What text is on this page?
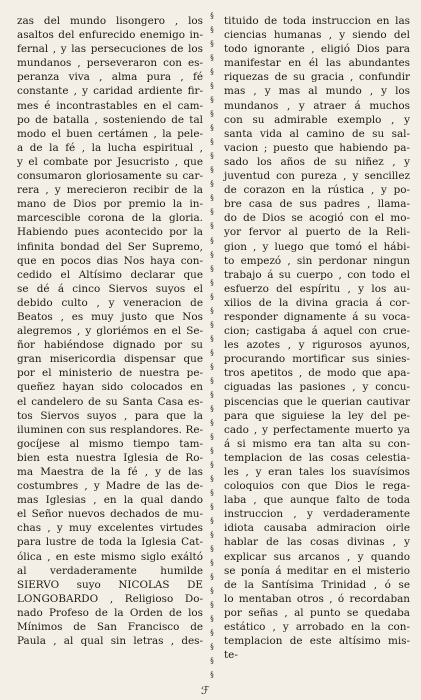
zas del mundo lisongero , los
asaltos del enfurecido enemigo in-
fernal , y las persecuciones de los
mundanos , perseveraron con es-
peranza viva , alma pura , fé
constante , y caridad ardiente fir-
mes é incontrastables en el cam-
po de batalla , sosteniendo de tal
modo el buen certámen , la pele-
a de la fé , la lucha espiritual ,
y el combate por Jesucristo , que
consumaron gloriosamente su car-
rera , y merecieron recibir de la
mano de Dios por premio la in-
marcescible corona de la gloria.
Habiendo pues acontecido por la
infinita bondad del Ser Supremo,
que en pocos dias Nos haya con-
cedido el Altísimo declarar que
se dé á cinco Siervos suyos el
debido culto , y veneracion de
Beatos , es muy justo que Nos
alegremos , y gloriémos en el Se-
ñor habiéndose dignado por su
gran misericordia dispensar que
por el ministerio de nuestra pe-
queñez hayan sido colocados en
el candelero de su Santa Casa es-
tos Siervos suyos , para que la
iluminen con sus resplandores. Re-
gocíjese al mismo tiempo tam-
bien esta nuestra Iglesia de Ro-
ma Maestra de la fé , y de las
costumbres , y Madre de las de-
mas Iglesias , en la qual dando
el Señor nuevos dechados de mu-
chas , y muy excelentes virtudes
para lustre de toda la Iglesia Cat-
ólica , en este mismo siglo exáltó
al verdaderamente humilde
SIERVO suyo NICOLAS DE
LONGOBARDO , Religioso Do-
nado Profeso de la Orden de los
Mínimos de San Francisco de
Paula , al qual sin letras , des-
§
§
§
§
§
§
§
§
§
§
§
§
§
§
§
§
§
§
§
§
§
§
§
§
§
§
§
§
§
§
§
§
§
§
§
§
§
§
§
§
§
§
§
§
§
§
§
§
tituido de toda instruccion en las
ciencias humanas , y siendo del
todo ignorante , eligió Dios para
manifestar en él las abundantes
riquezas de su gracia , confundir
mas , y mas al mundo , y los
mundanos , y atraer á muchos
con su admirable exemplo , y
santa vida al camino de su sal-
vacion ; puesto que habiendo pa-
sado los años de su niñez , y
juventud con pureza , y sencillez
de corazon en la rústica , y po-
bre casa de sus padres , llama-
do de Dios se acogió con el mo-
yor fervor al puerto de la Reli-
gion , y luego que tomó el hábi-
to empezó , sin perdonar ningun
trabajo á su cuerpo , con todo el
esfuerzo del espíritu , y los au-
xilios de la divina gracia á cor-
responder dignamente á su voca-
cion; castigaba á aquel con crue-
les azotes , y rigurosos ayunos,
procurando mortificar sus sinies-
tros apetitos , de modo que apa-
ciguadas las pasiones , y concu-
piscencias que le querian cautivar
para que siguiese la ley del pe-
cado , y perfectamente muerto ya
á si mismo era tan alta su con-
templacion de las cosas celestia-
les , y eran tales los suavísimos
coloquios con que Dios le rega-
laba , que aunque falto de toda
instruccion , y verdaderamente
idiota causaba admiracion oirle
hablar de las cosas divinas , y
explicar sus arcanos , y quando
se ponía á meditar en el misterio
de la Santísima Trinidad , ó se
lo mentaban otros , ó recordaban
por señas , al punto se quedaba
estático , y arrobado en la con-
templacion de este altísimo mis-
te-
ℱ
